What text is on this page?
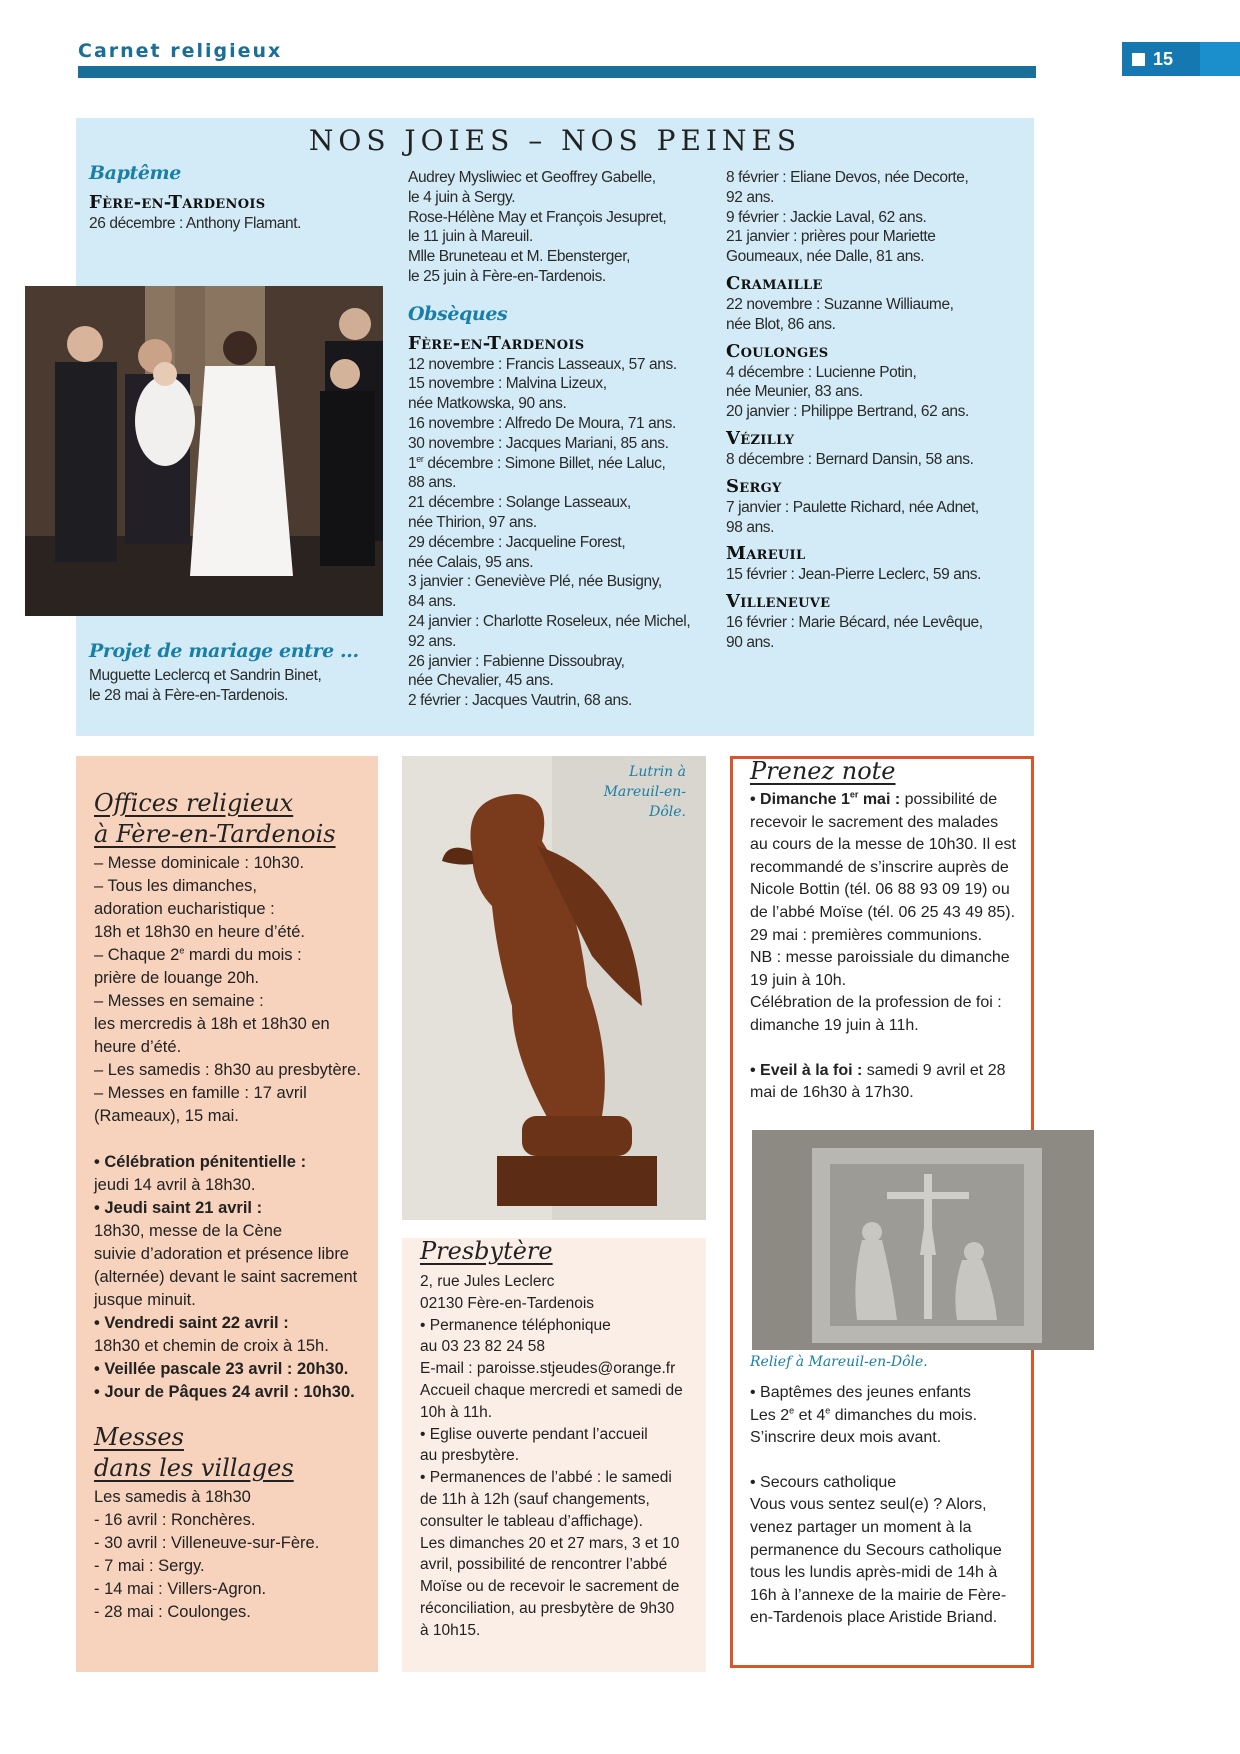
Carnet religieux	15
NOS JOIES – NOS PEINES
Baptême
Fère-en-Tardenois
26 décembre : Anthony Flamant.
Projet de mariage entre ...
Muguette Leclercq et Sandrin Binet,
le 28 mai à Fère-en-Tardenois.
Audrey Mysliwiec et Geoffrey Gabelle,
le 4 juin à Sergy.
Rose-Hélène May et François Jesupret,
le 11 juin à Mareuil.
Mlle Bruneteau et M. Ebensterger,
le 25 juin à Fère-en-Tardenois.
Obsèques
Fère-en-Tardenois
12 novembre : Francis Lasseaux, 57 ans.
15 novembre : Malvina Lizeux,
née Matkowska, 90 ans.
16 novembre : Alfredo De Moura, 71 ans.
30 novembre : Jacques Mariani, 85 ans.
1er décembre : Simone Billet, née Laluc,
88 ans.
21 décembre : Solange Lasseaux,
née Thirion, 97 ans.
29 décembre : Jacqueline Forest,
née Calais, 95 ans.
3 janvier : Geneviève Plé, née Busigny,
84 ans.
24 janvier : Charlotte Roseleux, née Michel,
92 ans.
26 janvier : Fabienne Dissoubray,
née Chevalier, 45 ans.
2 février : Jacques Vautrin, 68 ans.
8 février : Eliane Devos, née Decorte,
92 ans.
9 février : Jackie Laval, 62 ans.
21 janvier : prières pour Mariette
Goumeaux, née Dalle, 81 ans.
Cramaille
22 novembre : Suzanne Williaume,
née Blot, 86 ans.
Coulonges
4 décembre : Lucienne Potin,
née Meunier, 83 ans.
20 janvier : Philippe Bertrand, 62 ans.
Vézilly
8 décembre : Bernard Dansin, 58 ans.
Sergy
7 janvier : Paulette Richard, née Adnet,
98 ans.
Mareuil
15 février : Jean-Pierre Leclerc, 59 ans.
Villeneuve
16 février : Marie Bécard, née Levêque,
90 ans.
Offices religieux
à Fère-en-Tardenois
– Messe dominicale : 10h30.
– Tous les dimanches,
adoration eucharistique :
18h et 18h30 en heure d’été.
– Chaque 2e mardi du mois :
prière de louange 20h.
– Messes en semaine :
les mercredis à 18h et 18h30 en
heure d’été.
– Les samedis : 8h30 au presbytère.
– Messes en famille : 17 avril
(Rameaux), 15 mai.
• Célébration pénitentielle :
jeudi 14 avril à 18h30.
• Jeudi saint 21 avril :
18h30, messe de la Cène
suivie d’adoration et présence libre
(alternée) devant le saint sacrement
jusque minuit.
• Vendredi saint 22 avril :
18h30 et chemin de croix à 15h.
• Veillée pascale 23 avril : 20h30.
• Jour de Pâques 24 avril : 10h30.
Messes
dans les villages
Les samedis à 18h30
- 16 avril : Ronchères.
- 30 avril : Villeneuve-sur-Fère.
- 7 mai : Sergy.
- 14 mai : Villers-Agron.
- 28 mai : Coulonges.
Lutrin à
Mareuil-en-
Dôle.
Presbytère
2, rue Jules Leclerc
02130 Fère-en-Tardenois
• Permanence téléphonique
au 03 23 82 24 58
E-mail : paroisse.stjeudes@orange.fr
Accueil chaque mercredi et samedi de
10h à 11h.
• Eglise ouverte pendant l’accueil
au presbytère.
• Permanences de l’abbé : le samedi
de 11h à 12h (sauf changements,
consulter le tableau d’affichage).
Les dimanches 20 et 27 mars, 3 et 10
avril, possibilité de rencontrer l’abbé
Moïse ou de recevoir le sacrement de
réconciliation, au presbytère de 9h30
à 10h15.
Prenez note
• Dimanche 1er mai : possibilité de
recevoir le sacrement des malades
au cours de la messe de 10h30. Il est
recommandé de s’inscrire auprès de
Nicole Bottin (tél. 06 88 93 09 19) ou
de l’abbé Moïse (tél. 06 25 43 49 85).
29 mai : premières communions.
NB : messe paroissiale du dimanche
19 juin à 10h.
Célébration de la profession de foi :
dimanche 19 juin à 11h.
• Eveil à la foi : samedi 9 avril et 28
mai de 16h30 à 17h30.
Relief à Mareuil-en-Dôle.
• Baptêmes des jeunes enfants
Les 2e et 4e dimanches du mois.
S’inscrire deux mois avant.
• Secours catholique
Vous vous sentez seul(e) ? Alors,
venez partager un moment à la
permanence du Secours catholique
tous les lundis après-midi de 14h à
16h à l’annexe de la mairie de Fère-
en-Tardenois place Aristide Briand.
